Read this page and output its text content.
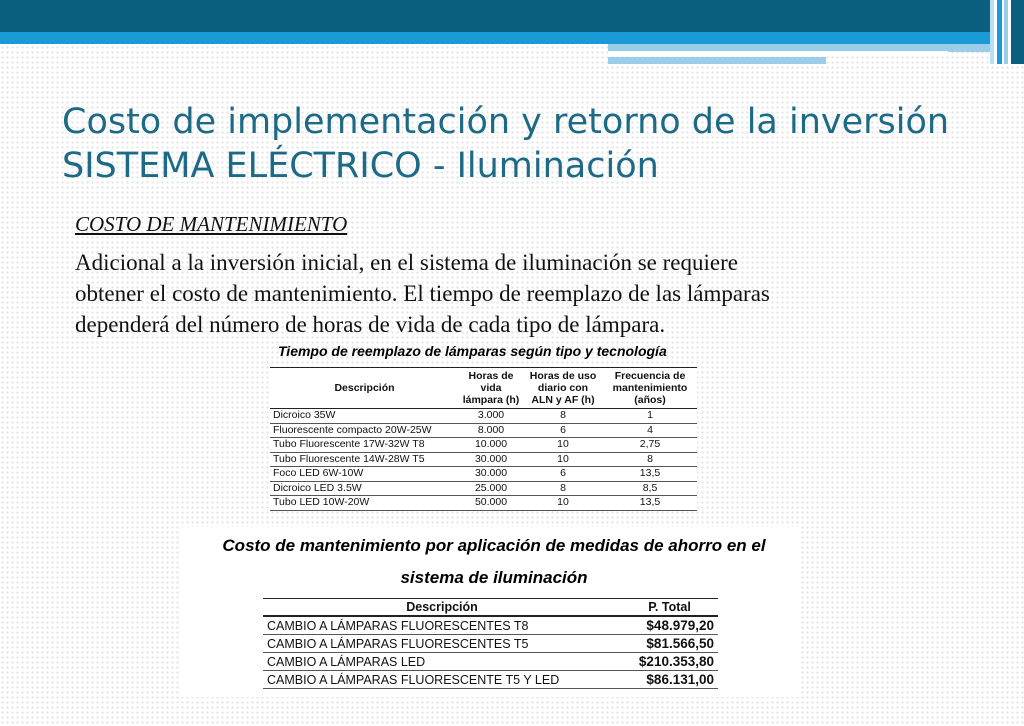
Costo de implementación y retorno de la inversión
SISTEMA ELÉCTRICO - Iluminación
COSTO DE MANTENIMIENTO
Adicional a la inversión inicial, en el sistema de iluminación se requiere
obtener el costo de mantenimiento. El tiempo de reemplazo de las lámparas
dependerá del número de horas de vida de cada tipo de lámpara.
Tiempo de reemplazo de lámparas según tipo y tecnología
Descripción	Horas de vida lámpara (h)	Horas de uso diario con ALN y AF (h)	Frecuencia de mantenimiento (años)
Dicroico 35W	3.000	8	1
Fluorescente compacto 20W-25W	8.000	6	4
Tubo Fluorescente 17W-32W T8	10.000	10	2,75
Tubo Fluorescente 14W-28W T5	30.000	10	8
Foco LED 6W-10W	30.000	6	13,5
Dicroico LED 3.5W	25.000	8	8,5
Tubo LED 10W-20W	50.000	10	13,5
Costo de mantenimiento por aplicación de medidas de ahorro en el
sistema de iluminación
Descripción	P. Total
CAMBIO A LÁMPARAS FLUORESCENTES T8	$48.979,20
CAMBIO A LÁMPARAS FLUORESCENTES T5	$81.566,50
CAMBIO A LÁMPARAS LED	$210.353,80
CAMBIO A LÁMPARAS FLUORESCENTE T5 Y LED	$86.131,00
